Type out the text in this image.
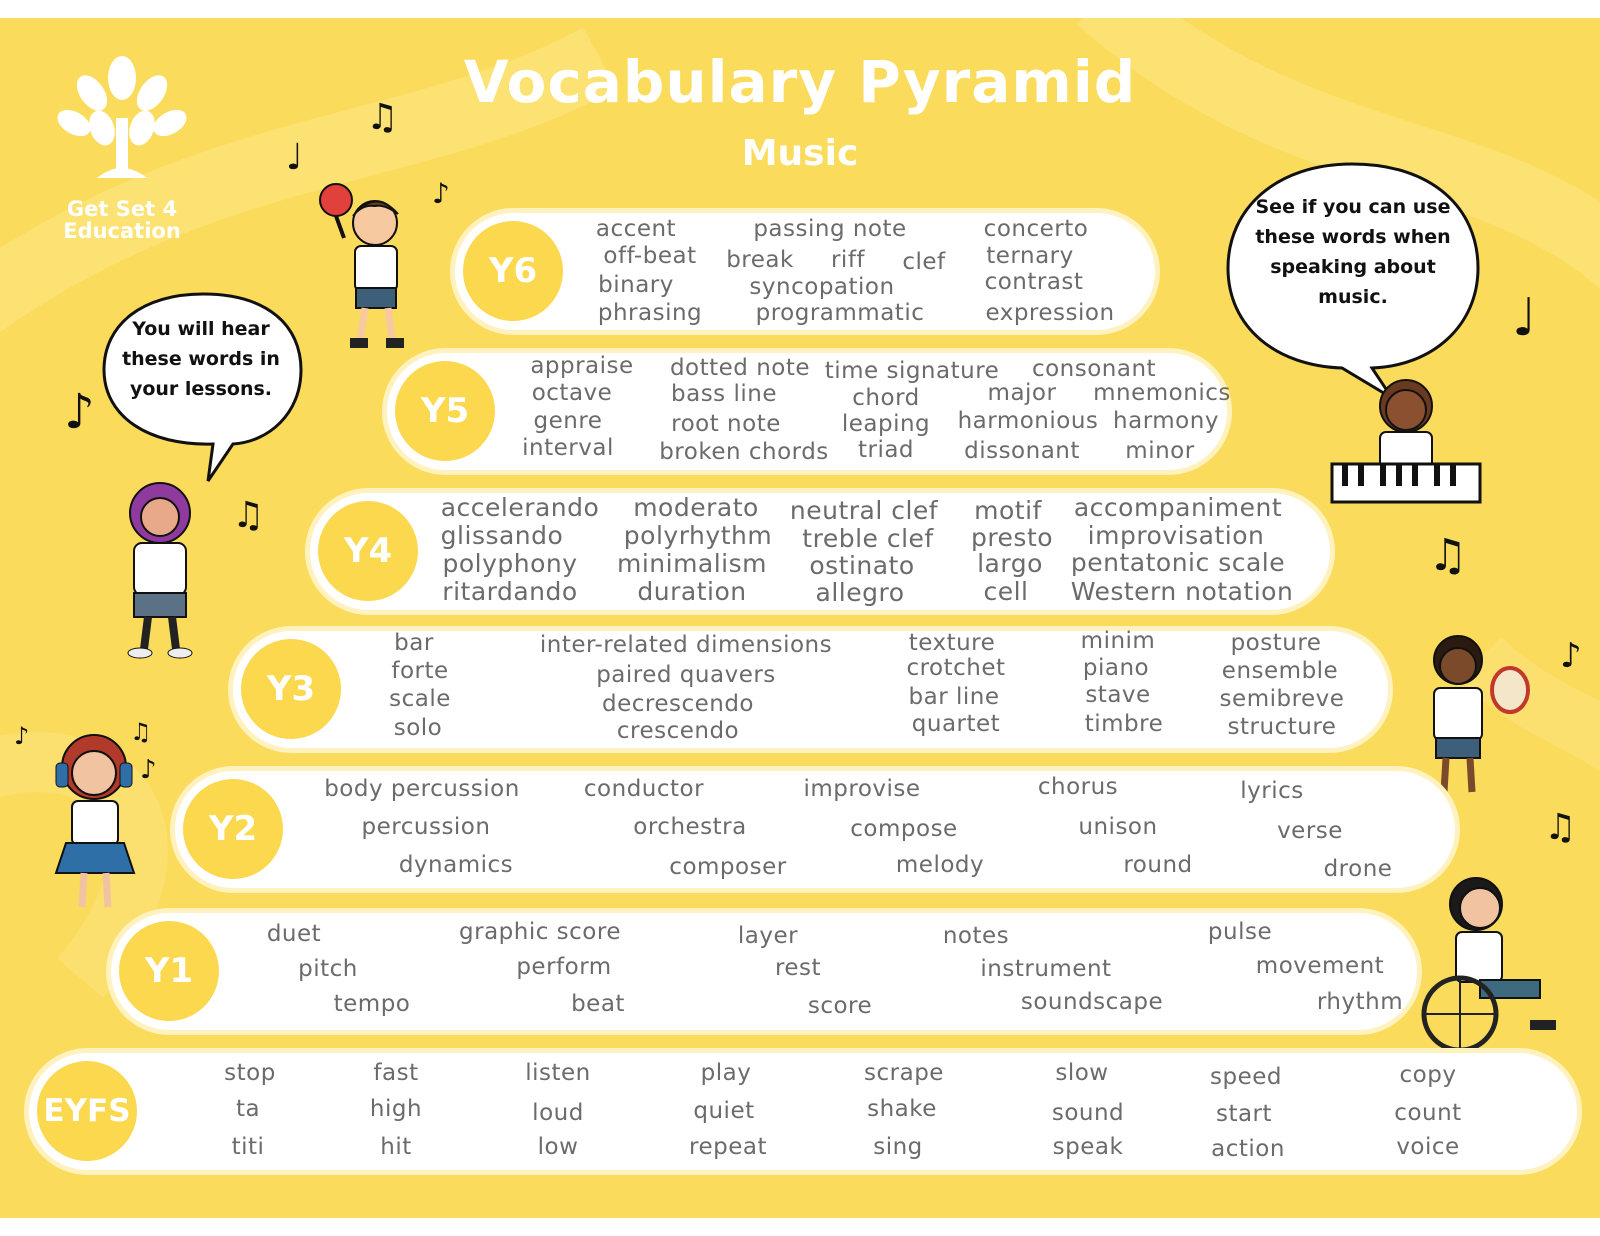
Get Set 4
Education
Vocabulary Pyramid
Music
You will hear these words in your lessons.
See if you can use these words when speaking about music.
♫
♩
♪
♪
♫
♩
♫
♪
♫
♪	♫
♪
Y6
Y5
Y4
Y3
Y2
Y1
EYFS
accent
off-beat
binary
phrasing
passing note
break riff clef
syncopation
programmatic
concerto
ternary
contrast
expression
appraise
octave
genre
interval
dotted note
bass line
root note
broken chords
time signature
chord
leaping
triad
consonant
major
harmonious
dissonant
mnemonics
harmony
minor
accelerando
glissando
polyphony
ritardando
moderato
polyrhythm
minimalism
duration
neutral clef
treble clef
ostinato
allegro
motif
presto
largo
cell
accompaniment
improvisation
pentatonic scale
Western notation
bar
forte
scale
solo
inter-related dimensions
paired quavers
decrescendo
crescendo
texture
crotchet
bar line
quartet
minim
piano
stave
timbre
posture
ensemble
semibreve
structure
body percussion
percussion
dynamics
conductor
orchestra
composer
improvise
compose
melody
chorus
unison
round
lyrics
verse
drone
duet
pitch
tempo
graphic score
perform
beat
layer
rest
score
notes
instrument
soundscape
pulse
movement
rhythm
stop
ta
titi
fast
high
hit
listen
loud
low
play
quiet
repeat
scrape
shake
sing
slow
sound
speak
speed
start
action
copy
count
voice
